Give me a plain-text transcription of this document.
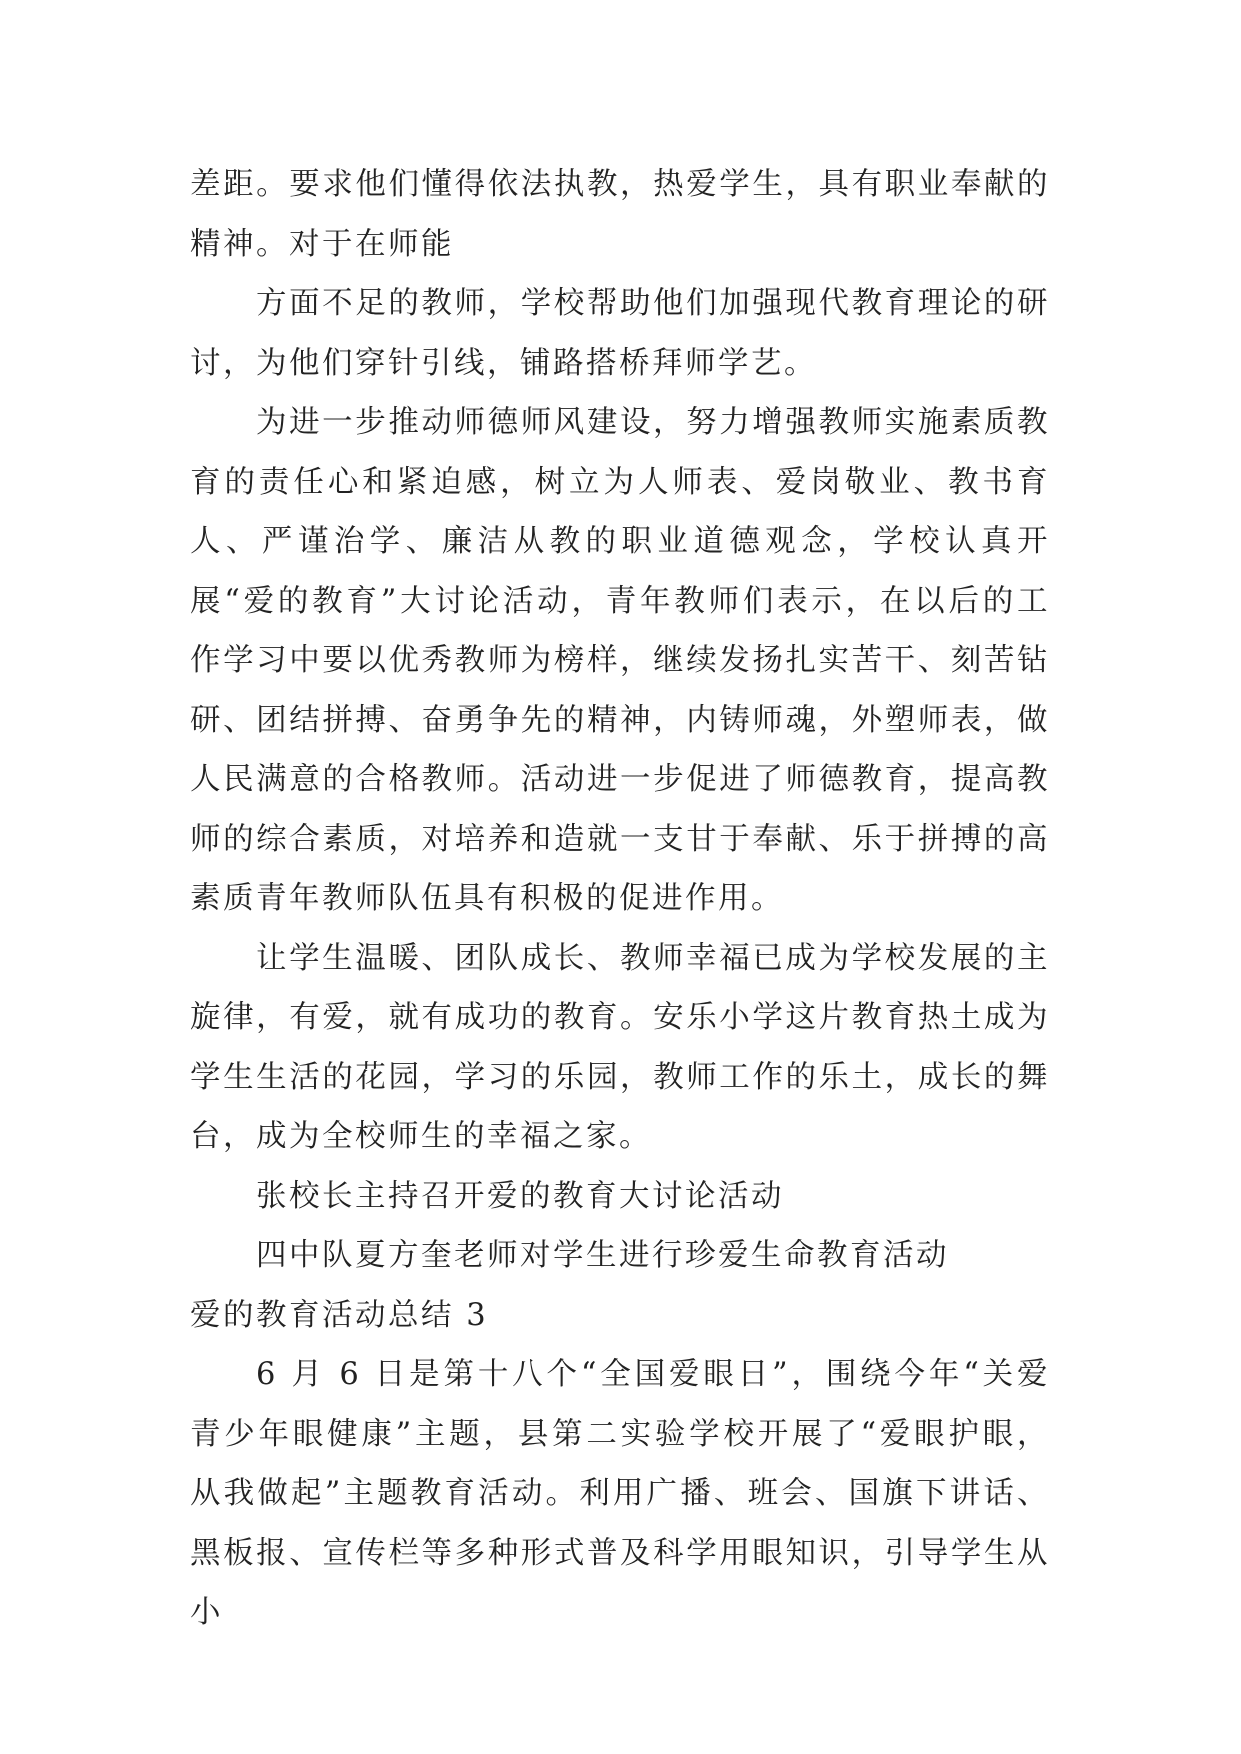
差距。要求他们懂得依法执教，热爱学生，具有职业奉献的精神。对于在师能

方面不足的教师，学校帮助他们加强现代教育理论的研讨，为他们穿针引线，铺路搭桥拜师学艺。

为进一步推动师德师风建设，努力增强教师实施素质教育的责任心和紧迫感，树立为人师表、爱岗敬业、教书育人、严谨治学、廉洁从教的职业道德观念，学校认真开展“爱的教育”大讨论活动，青年教师们表示，在以后的工作学习中要以优秀教师为榜样，继续发扬扎实苦干、刻苦钻研、团结拼搏、奋勇争先的精神，内铸师魂，外塑师表，做人民满意的合格教师。活动进一步促进了师德教育，提高教师的综合素质，对培养和造就一支甘于奉献、乐于拼搏的高素质青年教师队伍具有积极的促进作用。

让学生温暖、团队成长、教师幸福已成为学校发展的主旋律，有爱，就有成功的教育。安乐小学这片教育热土成为学生生活的花园，学习的乐园，教师工作的乐土，成长的舞台，成为全校师生的幸福之家。

张校长主持召开爱的教育大讨论活动

四中队夏方奎老师对学生进行珍爱生命教育活动

爱的教育活动总结 3

6 月 6 日是第十八个“全国爱眼日”，围绕今年“关爱青少年眼健康”主题，县第二实验学校开展了“爱眼护眼，从我做起”主题教育活动。利用广播、班会、国旗下讲话、黑板报、宣传栏等多种形式普及科学用眼知识，引导学生从小
